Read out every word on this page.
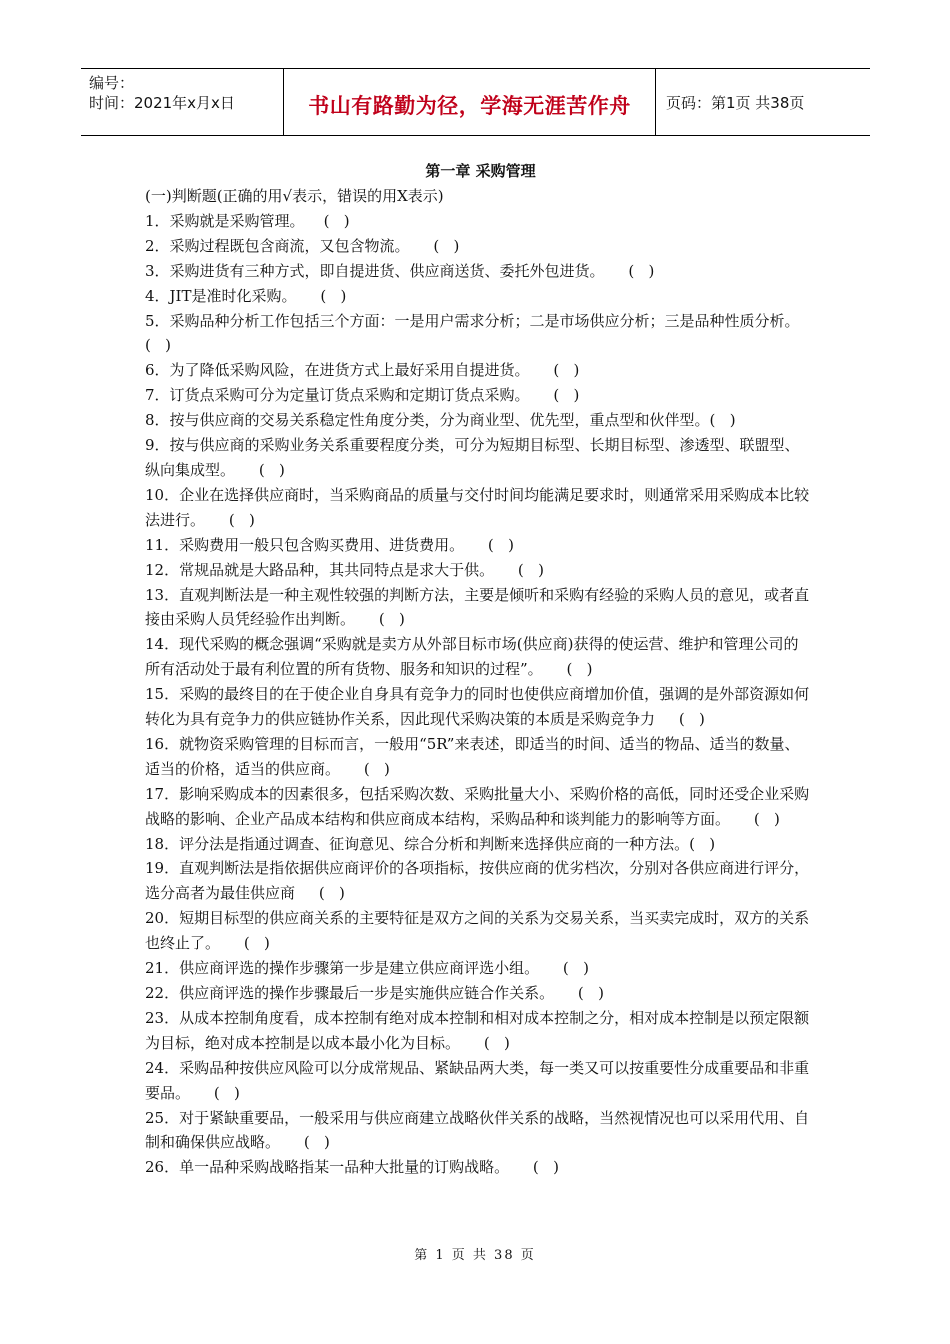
编号：
时间：2021年x月x日	书山有路勤为径，学海无涯苦作舟 页码：第1页 共38页
第一章 采购管理

(一)判断题(正确的用√表示，错误的用X表示)

1．采购就是采购管理。    (   )

2．采购过程既包含商流，又包含物流。     (   )

3．采购进货有三种方式，即自提进货、供应商送货、委托外包进货。     (   )

4．JIT是准时化采购。     (   )

5．采购品种分析工作包括三个方面：一是用户需求分析；二是市场供应分析；三是品种性质分析。     (   )

6．为了降低采购风险，在进货方式上最好采用自提进货。     (   )

7．订货点采购可分为定量订货点采购和定期订货点采购。     (   )

8．按与供应商的交易关系稳定性角度分类，分为商业型、优先型，重点型和伙伴型。(   )

9．按与供应商的采购业务关系重要程度分类，可分为短期目标型、长期目标型、渗透型、联盟型、纵向集成型。     (   )

10．企业在选择供应商时，当采购商品的质量与交付时间均能满足要求时，则通常采用采购成本比较法进行。     (   )

11．采购费用一般只包含购买费用、进货费用。     (   )

12．常规品就是大路品种，其共同特点是求大于供。     (   )

13．直观判断法是一种主观性较强的判断方法，主要是倾听和采购有经验的采购人员的意见，或者直接由采购人员凭经验作出判断。     (   )

14．现代采购的概念强调“采购就是卖方从外部目标市场(供应商)获得的使运营、维护和管理公司的所有活动处于最有利位置的所有货物、服务和知识的过程”。     (   )

15．采购的最终目的在于使企业自身具有竞争力的同时也使供应商增加价值，强调的是外部资源如何转化为具有竞争力的供应链协作关系，因此现代采购决策的本质是采购竞争力     (   )

16．就物资采购管理的目标而言，一般用“5R”来表述，即适当的时间、适当的物品、适当的数量、适当的价格，适当的供应商。     (   )

17．影响采购成本的因素很多，包括采购次数、采购批量大小、采购价格的高低，同时还受企业采购战略的影响、企业产品成本结构和供应商成本结构，采购品种和谈判能力的影响等方面。     (   )

18．评分法是指通过调查、征询意见、综合分析和判断来选择供应商的一种方法。(   )

19．直观判断法是指依据供应商评价的各项指标，按供应商的优劣档次，分别对各供应商进行评分，选分高者为最佳供应商     (   )

20．短期目标型的供应商关系的主要特征是双方之间的关系为交易关系，当买卖完成时，双方的关系也终止了。     (   )

21．供应商评选的操作步骤第一步是建立供应商评选小组。     (   )

22．供应商评选的操作步骤最后一步是实施供应链合作关系。     (   )

23．从成本控制角度看，成本控制有绝对成本控制和相对成本控制之分，相对成本控制是以预定限额为目标，绝对成本控制是以成本最小化为目标。     (   )

24．采购品种按供应风险可以分成常规品、紧缺品两大类，每一类又可以按重要性分成重要品和非重要品。     (   )

25．对于紧缺重要品，一般采用与供应商建立战略伙伴关系的战略，当然视情况也可以采用代用、自制和确保供应战略。     (   )

26．单一品种采购战略指某一品种大批量的订购战略。     (   )

第 1 页 共 38 页
